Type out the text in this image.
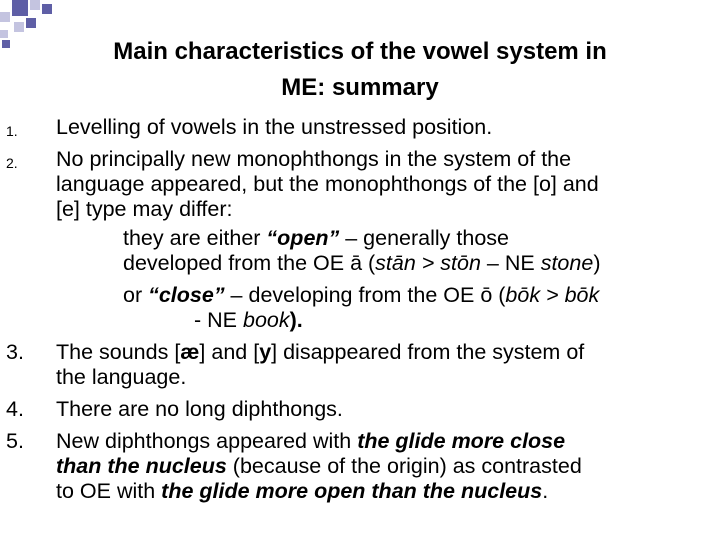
Main characteristics of the vowel system in
ME: summary
1. Levelling of vowels in the unstressed position.
2. No principally new monophthongs in the system of the
language appeared, but the monophthongs of the [o] and
[e] type may differ:
they are either “open” – generally those
developed from the OE ā (stān > stōn – NE stone)
or “close” – developing from the OE ō (bōk > bōk
- NE book).
3. The sounds [æ] and [y] disappeared from the system of
the language.
4. There are no long diphthongs.
5. New diphthongs appeared with the glide more close
than the nucleus (because of the origin) as contrasted
to OE with the glide more open than the nucleus.
